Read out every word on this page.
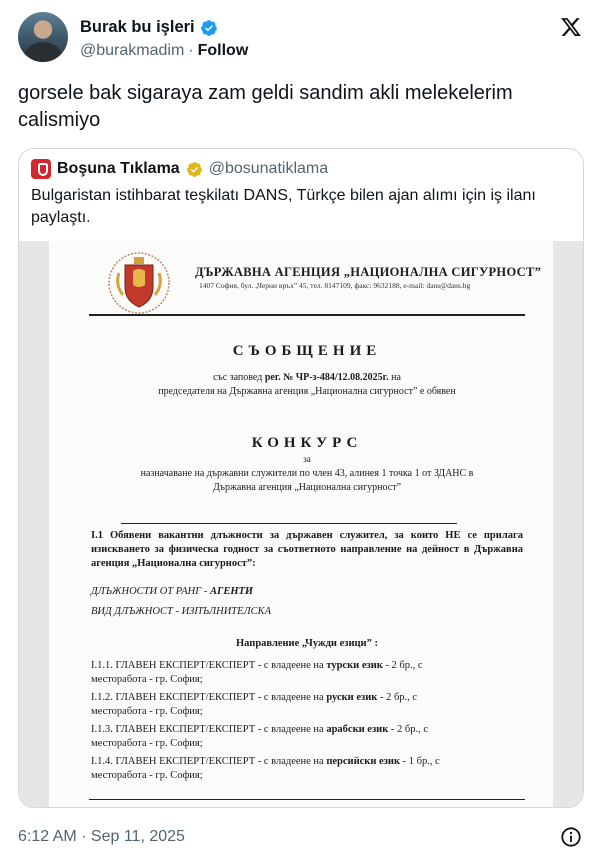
Burak bu işleri
@burakmadim · Follow
gorsele bak sigaraya zam geldi sandim akli melekelerim calismiyo
Boşuna Tıklama @bosunatiklama
Bulgaristan istihbarat teşkilatı DANS, Türkçe bilen ajan alımı için iş ilanı paylaştı.
ДЪРЖАВНА АГЕНЦИЯ „НАЦИОНАЛНА СИГУРНОСТ”
1407 София, бул. „Черни връх” 45, тел. 8147109, факс: 9632188, e-mail: dans@dans.bg
СЪОБЩЕНИЕ
със заповед рег. № ЧР-з-484/12.08.2025г. на
председателя на Държавна агенция „Национална сигурност” е обявен
КОНКУРС
за
назначаване на държавни служители по член 43, алинея 1 точка 1 от ЗДАНС в
Държавна агенция „Национална сигурност”
І.1 Обявени вакантни длъжности за държавен служител, за които НЕ се прилага изискването за физическа годност за съответното направление на дейност в Държавна агенция „Национална сигурност”:
ДЛЪЖНОСТИ ОТ РАНГ - АГЕНТИ
ВИД ДЛЪЖНОСТ - ИЗПЪЛНИТЕЛСКА
Направление „Чужди езици” :
І.1.1. ГЛАВЕН ЕКСПЕРТ/ЕКСПЕРТ - с владеене на турски език - 2 бр., с
месторабота - гр. София;
І.1.2. ГЛАВЕН ЕКСПЕРТ/ЕКСПЕРТ - с владеене на руски език - 2 бр., с
месторабота - гр. София;
І.1.3. ГЛАВЕН ЕКСПЕРТ/ЕКСПЕРТ - с владеене на арабски език - 2 бр., с
месторабота - гр. София;
І.1.4. ГЛАВЕН ЕКСПЕРТ/ЕКСПЕРТ - с владеене на персийски език - 1 бр., с
месторабота - гр. София;
6:12 AM · Sep 11, 2025
